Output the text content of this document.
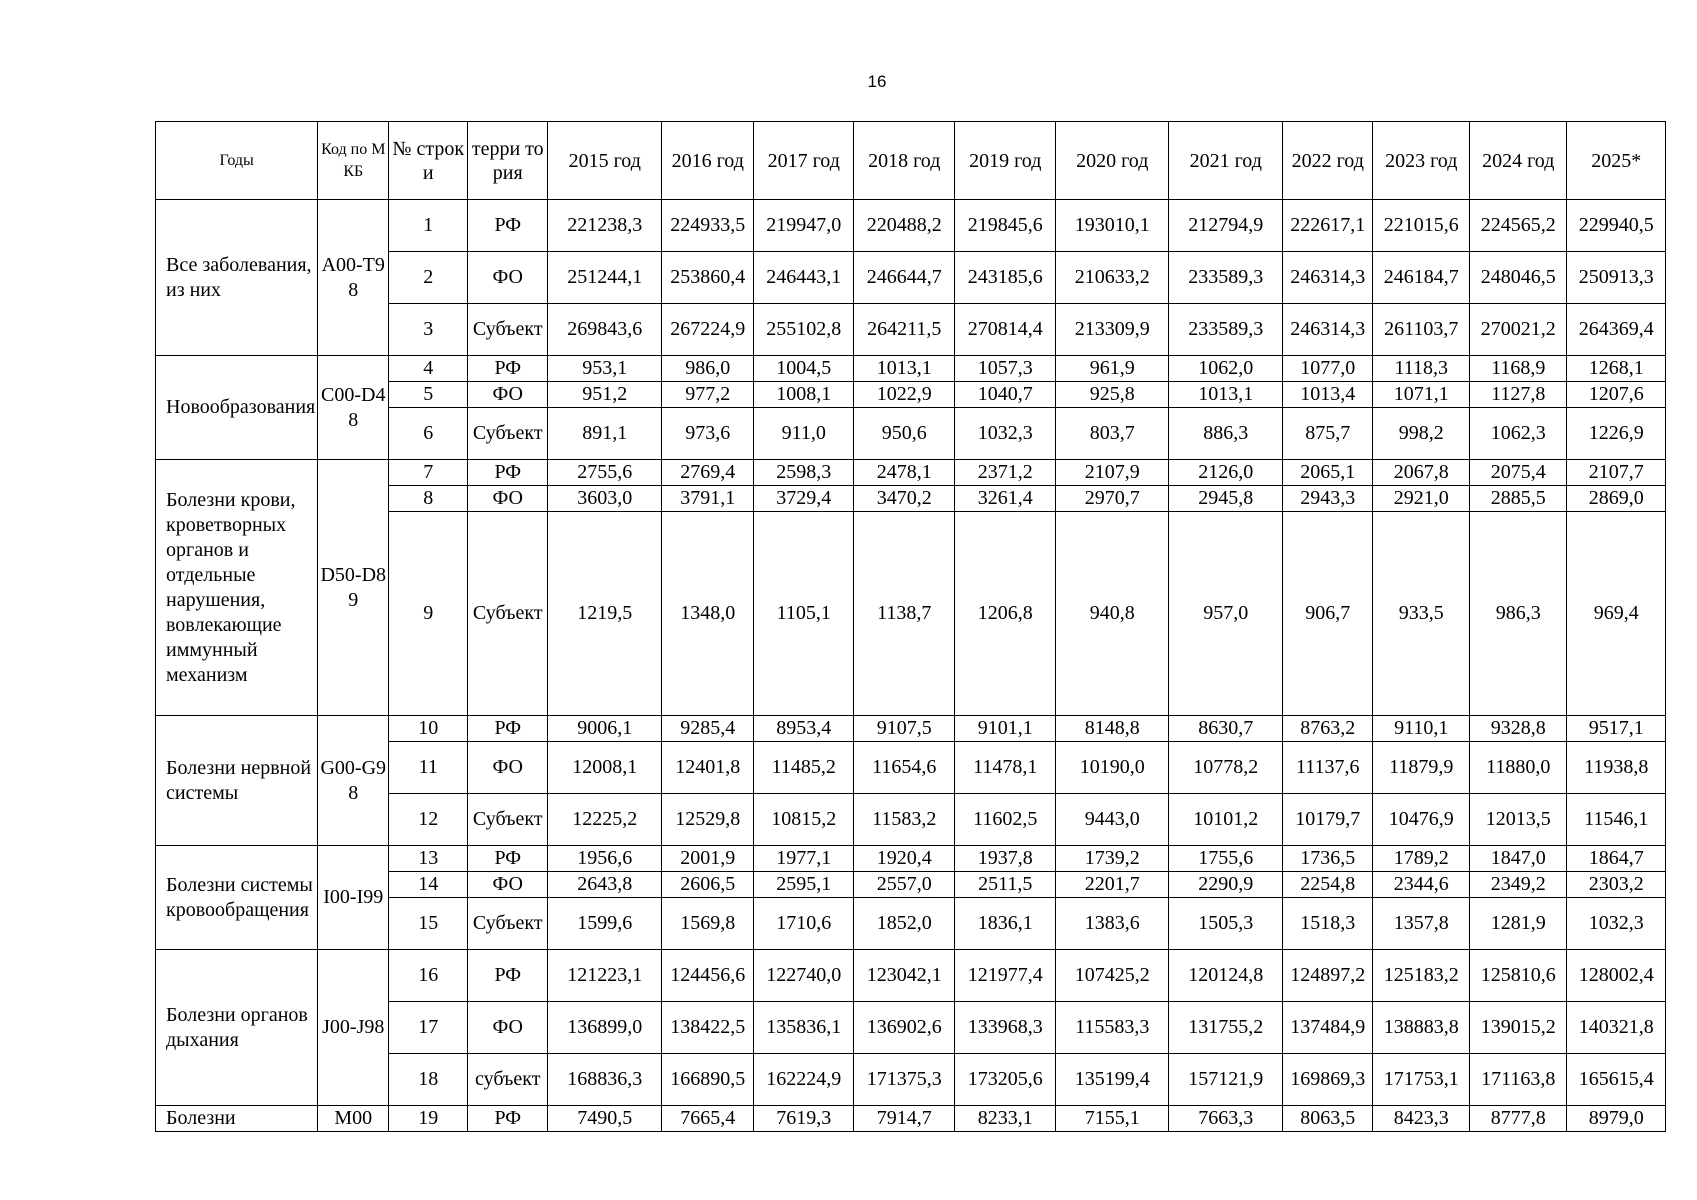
16
Годы	Код по МКБ	№ строк и	терри тория	2015 год	2016 год	2017 год	2018 год	2019 год	2020 год	2021 год	2022 год	2023 год	2024 год	2025*
Все заболевания, из них	A00-T98	1	РФ	221238,3	224933,5	219947,0	220488,2	219845,6	193010,1	212794,9	222617,1	221015,6	224565,2	229940,5
		2	ФО	251244,1	253860,4	246443,1	246644,7	243185,6	210633,2	233589,3	246314,3	246184,7	248046,5	250913,3
		3	Субъект	269843,6	267224,9	255102,8	264211,5	270814,4	213309,9	233589,3	246314,3	261103,7	270021,2	264369,4
Новообразования	C00-D48	4	РФ	953,1	986,0	1004,5	1013,1	1057,3	961,9	1062,0	1077,0	1118,3	1168,9	1268,1
		5	ФО	951,2	977,2	1008,1	1022,9	1040,7	925,8	1013,1	1013,4	1071,1	1127,8	1207,6
		6	Субъект	891,1	973,6	911,0	950,6	1032,3	803,7	886,3	875,7	998,2	1062,3	1226,9
Болезни крови, кроветворных органов и отдельные нарушения, вовлекающие иммунный механизм	D50-D89	7	РФ	2755,6	2769,4	2598,3	2478,1	2371,2	2107,9	2126,0	2065,1	2067,8	2075,4	2107,7
		8	ФО	3603,0	3791,1	3729,4	3470,2	3261,4	2970,7	2945,8	2943,3	2921,0	2885,5	2869,0
		9	Субъект	1219,5	1348,0	1105,1	1138,7	1206,8	940,8	957,0	906,7	933,5	986,3	969,4
Болезни нервной системы	G00-G98	10	РФ	9006,1	9285,4	8953,4	9107,5	9101,1	8148,8	8630,7	8763,2	9110,1	9328,8	9517,1
		11	ФО	12008,1	12401,8	11485,2	11654,6	11478,1	10190,0	10778,2	11137,6	11879,9	11880,0	11938,8
		12	Субъект	12225,2	12529,8	10815,2	11583,2	11602,5	9443,0	10101,2	10179,7	10476,9	12013,5	11546,1
Болезни системы кровообращения	I00-I99	13	РФ	1956,6	2001,9	1977,1	1920,4	1937,8	1739,2	1755,6	1736,5	1789,2	1847,0	1864,7
		14	ФО	2643,8	2606,5	2595,1	2557,0	2511,5	2201,7	2290,9	2254,8	2344,6	2349,2	2303,2
		15	Субъект	1599,6	1569,8	1710,6	1852,0	1836,1	1383,6	1505,3	1518,3	1357,8	1281,9	1032,3
Болезни органов дыхания	J00-J98	16	РФ	121223,1	124456,6	122740,0	123042,1	121977,4	107425,2	120124,8	124897,2	125183,2	125810,6	128002,4
		17	ФО	136899,0	138422,5	135836,1	136902,6	133968,3	115583,3	131755,2	137484,9	138883,8	139015,2	140321,8
		18	субъект	168836,3	166890,5	162224,9	171375,3	173205,6	135199,4	157121,9	169869,3	171753,1	171163,8	165615,4
Болезни	M00	19	РФ	7490,5	7665,4	7619,3	7914,7	8233,1	7155,1	7663,3	8063,5	8423,3	8777,8	8979,0
